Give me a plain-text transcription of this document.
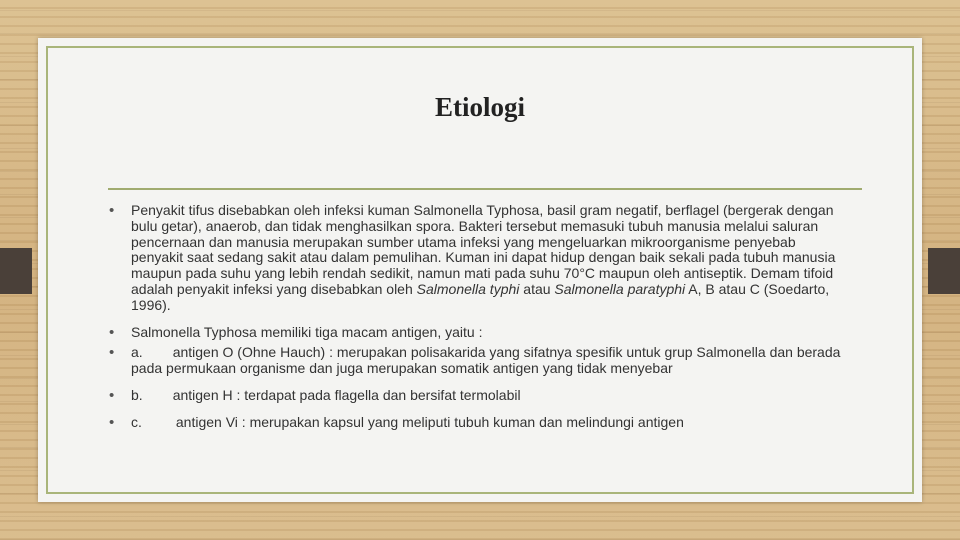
Etiologi
• Penyakit tifus disebabkan oleh infeksi kuman Salmonella Typhosa, basil gram negatif, berflagel (bergerak dengan bulu getar), anaerob, dan tidak menghasilkan spora. Bakteri tersebut memasuki tubuh manusia melalui saluran pencernaan dan manusia merupakan sumber utama infeksi yang mengeluarkan mikroorganisme penyebab penyakit saat sedang sakit atau dalam pemulihan. Kuman ini dapat hidup dengan baik sekali pada tubuh manusia maupun pada suhu yang lebih rendah sedikit, namun mati pada suhu 70°C maupun oleh antiseptik. Demam tifoid adalah penyakit infeksi yang disebabkan oleh Salmonella typhi atau Salmonella paratyphi A, B atau C (Soedarto, 1996).
• Salmonella Typhosa memiliki tiga macam antigen, yaitu :
• a. antigen O (Ohne Hauch) : merupakan polisakarida yang sifatnya spesifik untuk grup Salmonella dan berada pada permukaan organisme dan juga merupakan somatik antigen yang tidak menyebar
• b. antigen H : terdapat pada flagella dan bersifat termolabil
• c. antigen Vi : merupakan kapsul yang meliputi tubuh kuman dan melindungi antigen
